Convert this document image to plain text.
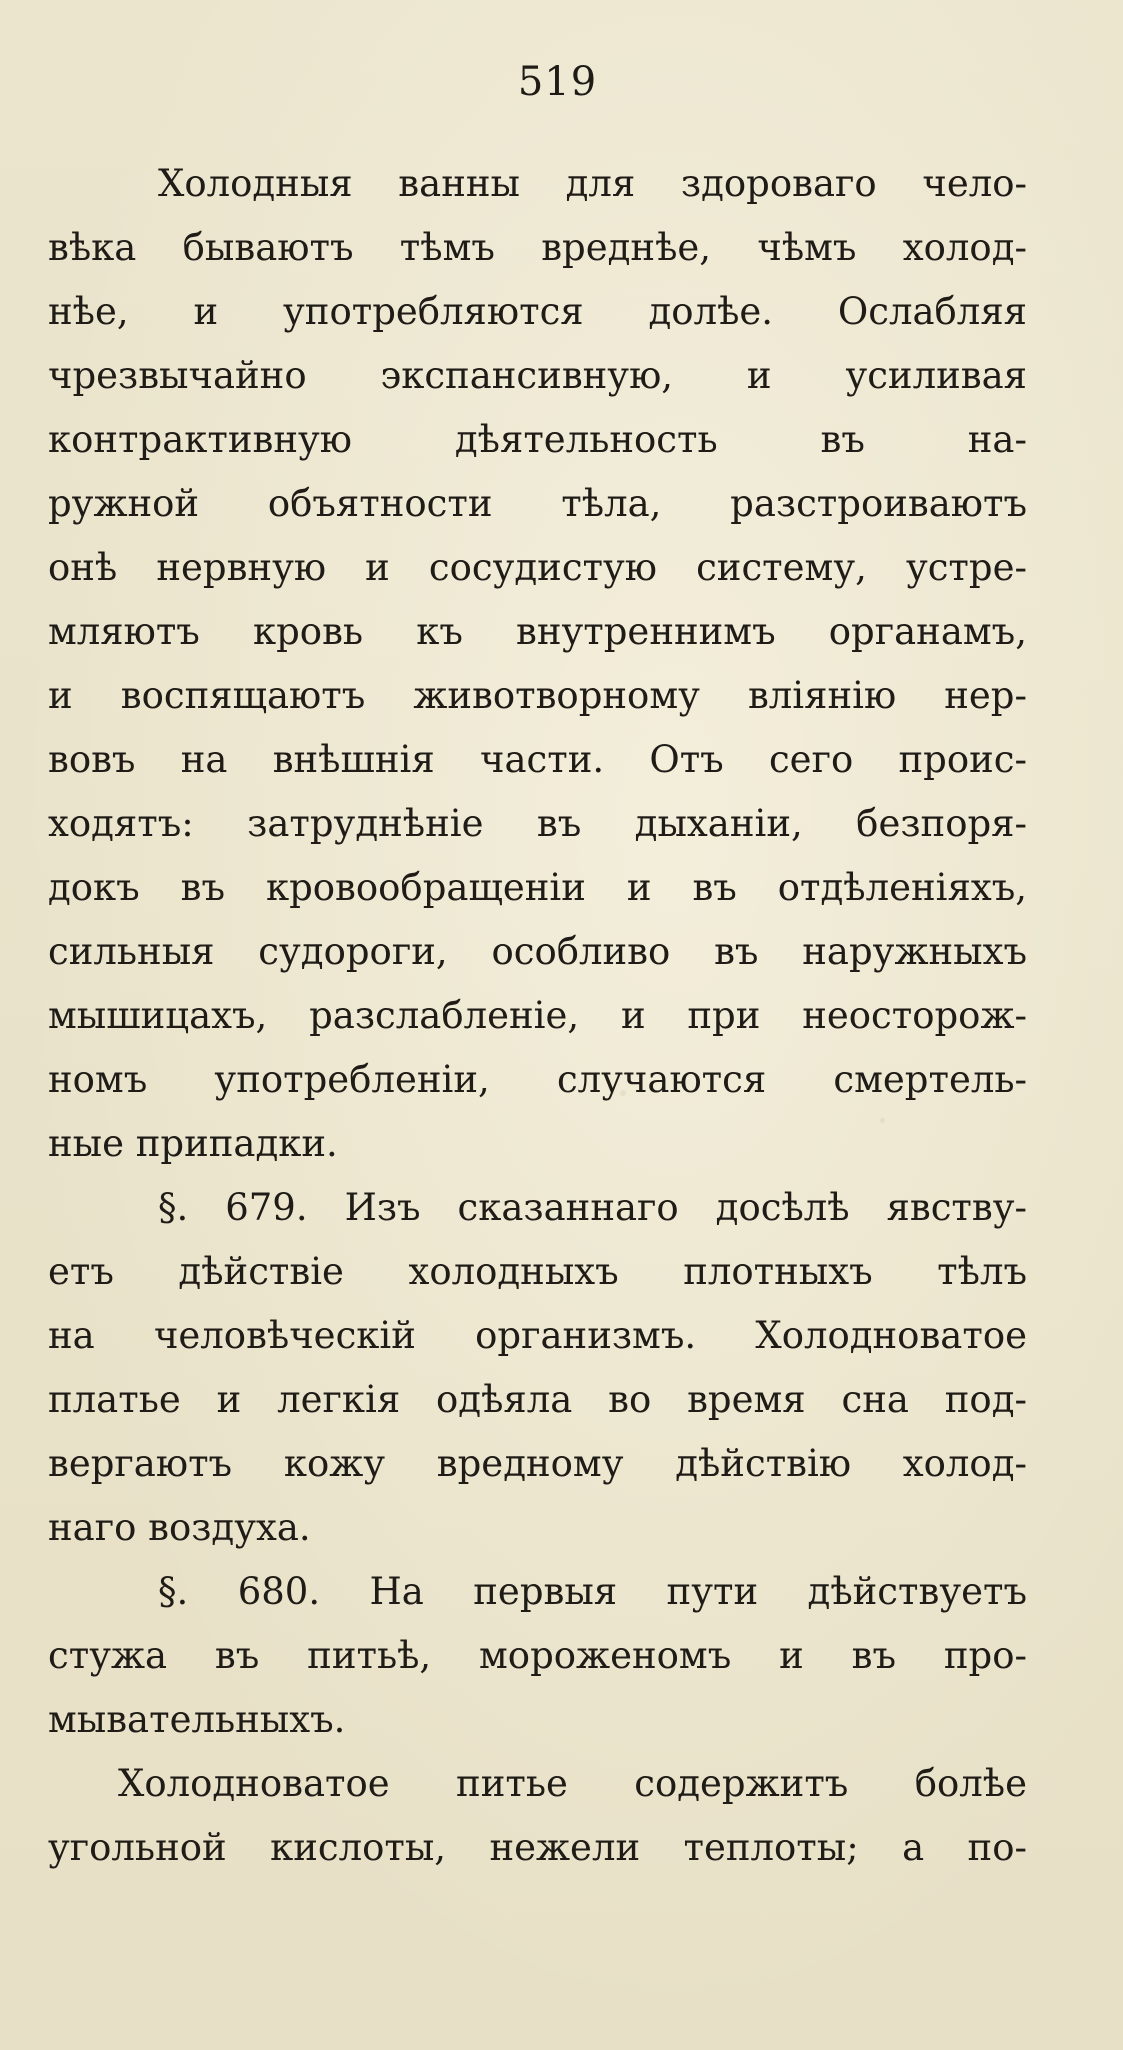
519
Холодныя ванны для здороваго чело-
вѣка бываютъ тѣмъ вреднѣе, чѣмъ холод-
нѣе, и употребляются долѣе. Ослабляя
чрезвычайно экспансивную, и усиливая
контрактивную дѣятельность въ на-
ружной объятности тѣла, разстроиваютъ
онѣ нервную и сосудистую систему, устре-
мляютъ кровь къ внутреннимъ органамъ,
и воспящаютъ животворному вліянію нер-
вовъ на внѣшнія части. Отъ сего проис-
ходятъ: затруднѣніе въ дыханіи, безпоря-
докъ въ кровообращеніи и въ отдѣленіяхъ,
сильныя судороги, особливо въ наружныхъ
мышицахъ, разслабленіе, и при неосторож-
номъ употребленіи, случаются смертель-
ные припадки.
§. 679. Изъ сказаннаго досѣлѣ явству-
етъ дѣйствіе холодныхъ плотныхъ тѣлъ
на человѣческій организмъ. Холодноватое
платье и легкія одѣяла во время сна под-
вергаютъ кожу вредному дѣйствію холод-
наго воздуха.
§. 680. На первыя пути дѣйствуетъ
стужа въ питьѣ, мороженомъ и въ про-
мывательныхъ.
Холодноватое питье содержитъ болѣе
угольной кислоты, нежели теплоты; а по-
